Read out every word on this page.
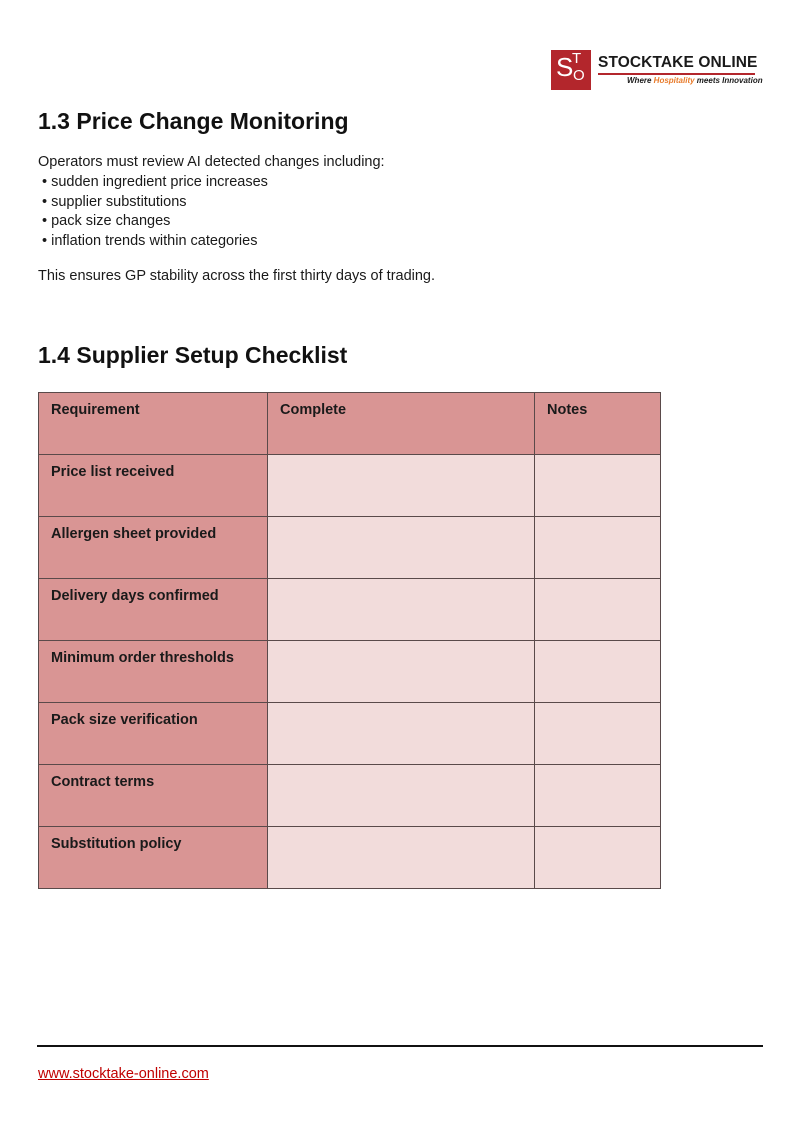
S
T
O
STOCKTAKE ONLINE
Where Hospitality meets Innovation
1.3 Price Change Monitoring

Operators must review AI detected changes including:

• sudden ingredient price increases
• supplier substitutions
• pack size changes
• inflation trends within categories

This ensures GP stability across the first thirty days of trading.

1.4 Supplier Setup Checklist
Requirement	Complete	Notes
Price list received		
Allergen sheet provided		
Delivery days confirmed		
Minimum order thresholds		
Pack size verification		
Contract terms		
Substitution policy		
www.stocktake-online.com
